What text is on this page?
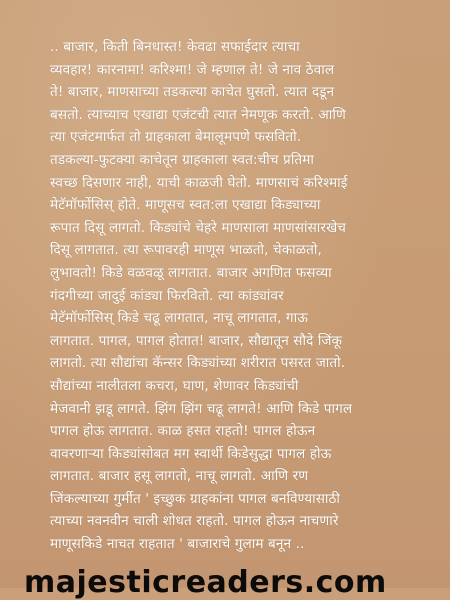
.. बाजार, किती बिनधास्त! केवढा सफाईदार त्याचा
व्यवहार! कारनामा! करिश्मा! जे म्हणाल ते! जे नाव ठेवाल
ते! बाजार, माणसाच्या तडकल्या काचेत घुसतो. त्यात दडून
बसतो. त्याच्याच एखाद्या एजंटची त्यात नेमणूक करतो. आणि
त्या एजंटमार्फत तो ग्राहकाला बेमालूमपणे फसवितो.
तडकल्या-फुटक्या काचेतून ग्राहकाला स्वत:चीच प्रतिमा
स्वच्छ दिसणार नाही, याची काळजी घेतो. माणसाचं करिश्माई
मेटॅमॉर्फोसिस् होते. माणूसच स्वत:ला एखाद्या किड्याच्या
रूपात दिसू लागतो. किड्यांचे चेहरे माणसाला माणसांसारखेच
दिसू लागतात. त्या रूपावरही माणूस भाळतो, चेकाळतो,
लुभावतो! किडे वळवळू लागतात. बाजार अगणित फसव्या
गंदगीच्या जादुई कांड्या फिरवितो. त्या कांड्यांवर
मेटॅमॉर्फोसिस् किडे चढू लागतात, नाचू लागतात, गाऊ
लागतात. पागल, पागल होतात! बाजार, सौद्यातून सौदे जिंकू
लागतो. त्या सौद्यांचा कॅन्सर किड्यांच्या शरीरात पसरत जातो.
सौद्यांच्या नालीतला कचरा, घाण, शेणावर किड्यांची
मेजवानी झडू लागते. झिंग झिंग चढू लागते! आणि किडे पागल
पागल होऊ लागतात. काळ हसत राहतो! पागल होऊन
वावरणाऱ्या किड्यांसोबत मग स्वार्थी किडेसुद्धा पागल होऊ
लागतात. बाजार हसू लागतो, नाचू लागतो. आणि रण
जिंकल्याच्या गुर्मीत ' इच्छुक ग्राहकांना पागल बनविण्यासाठी
त्याच्या नवनवीन चाली शोधत राहतो. पागल होऊन नाचणारे
माणूसकिडे नाचत राहतात ' बाजाराचे गुलाम बनून ..
majesticreaders.com
